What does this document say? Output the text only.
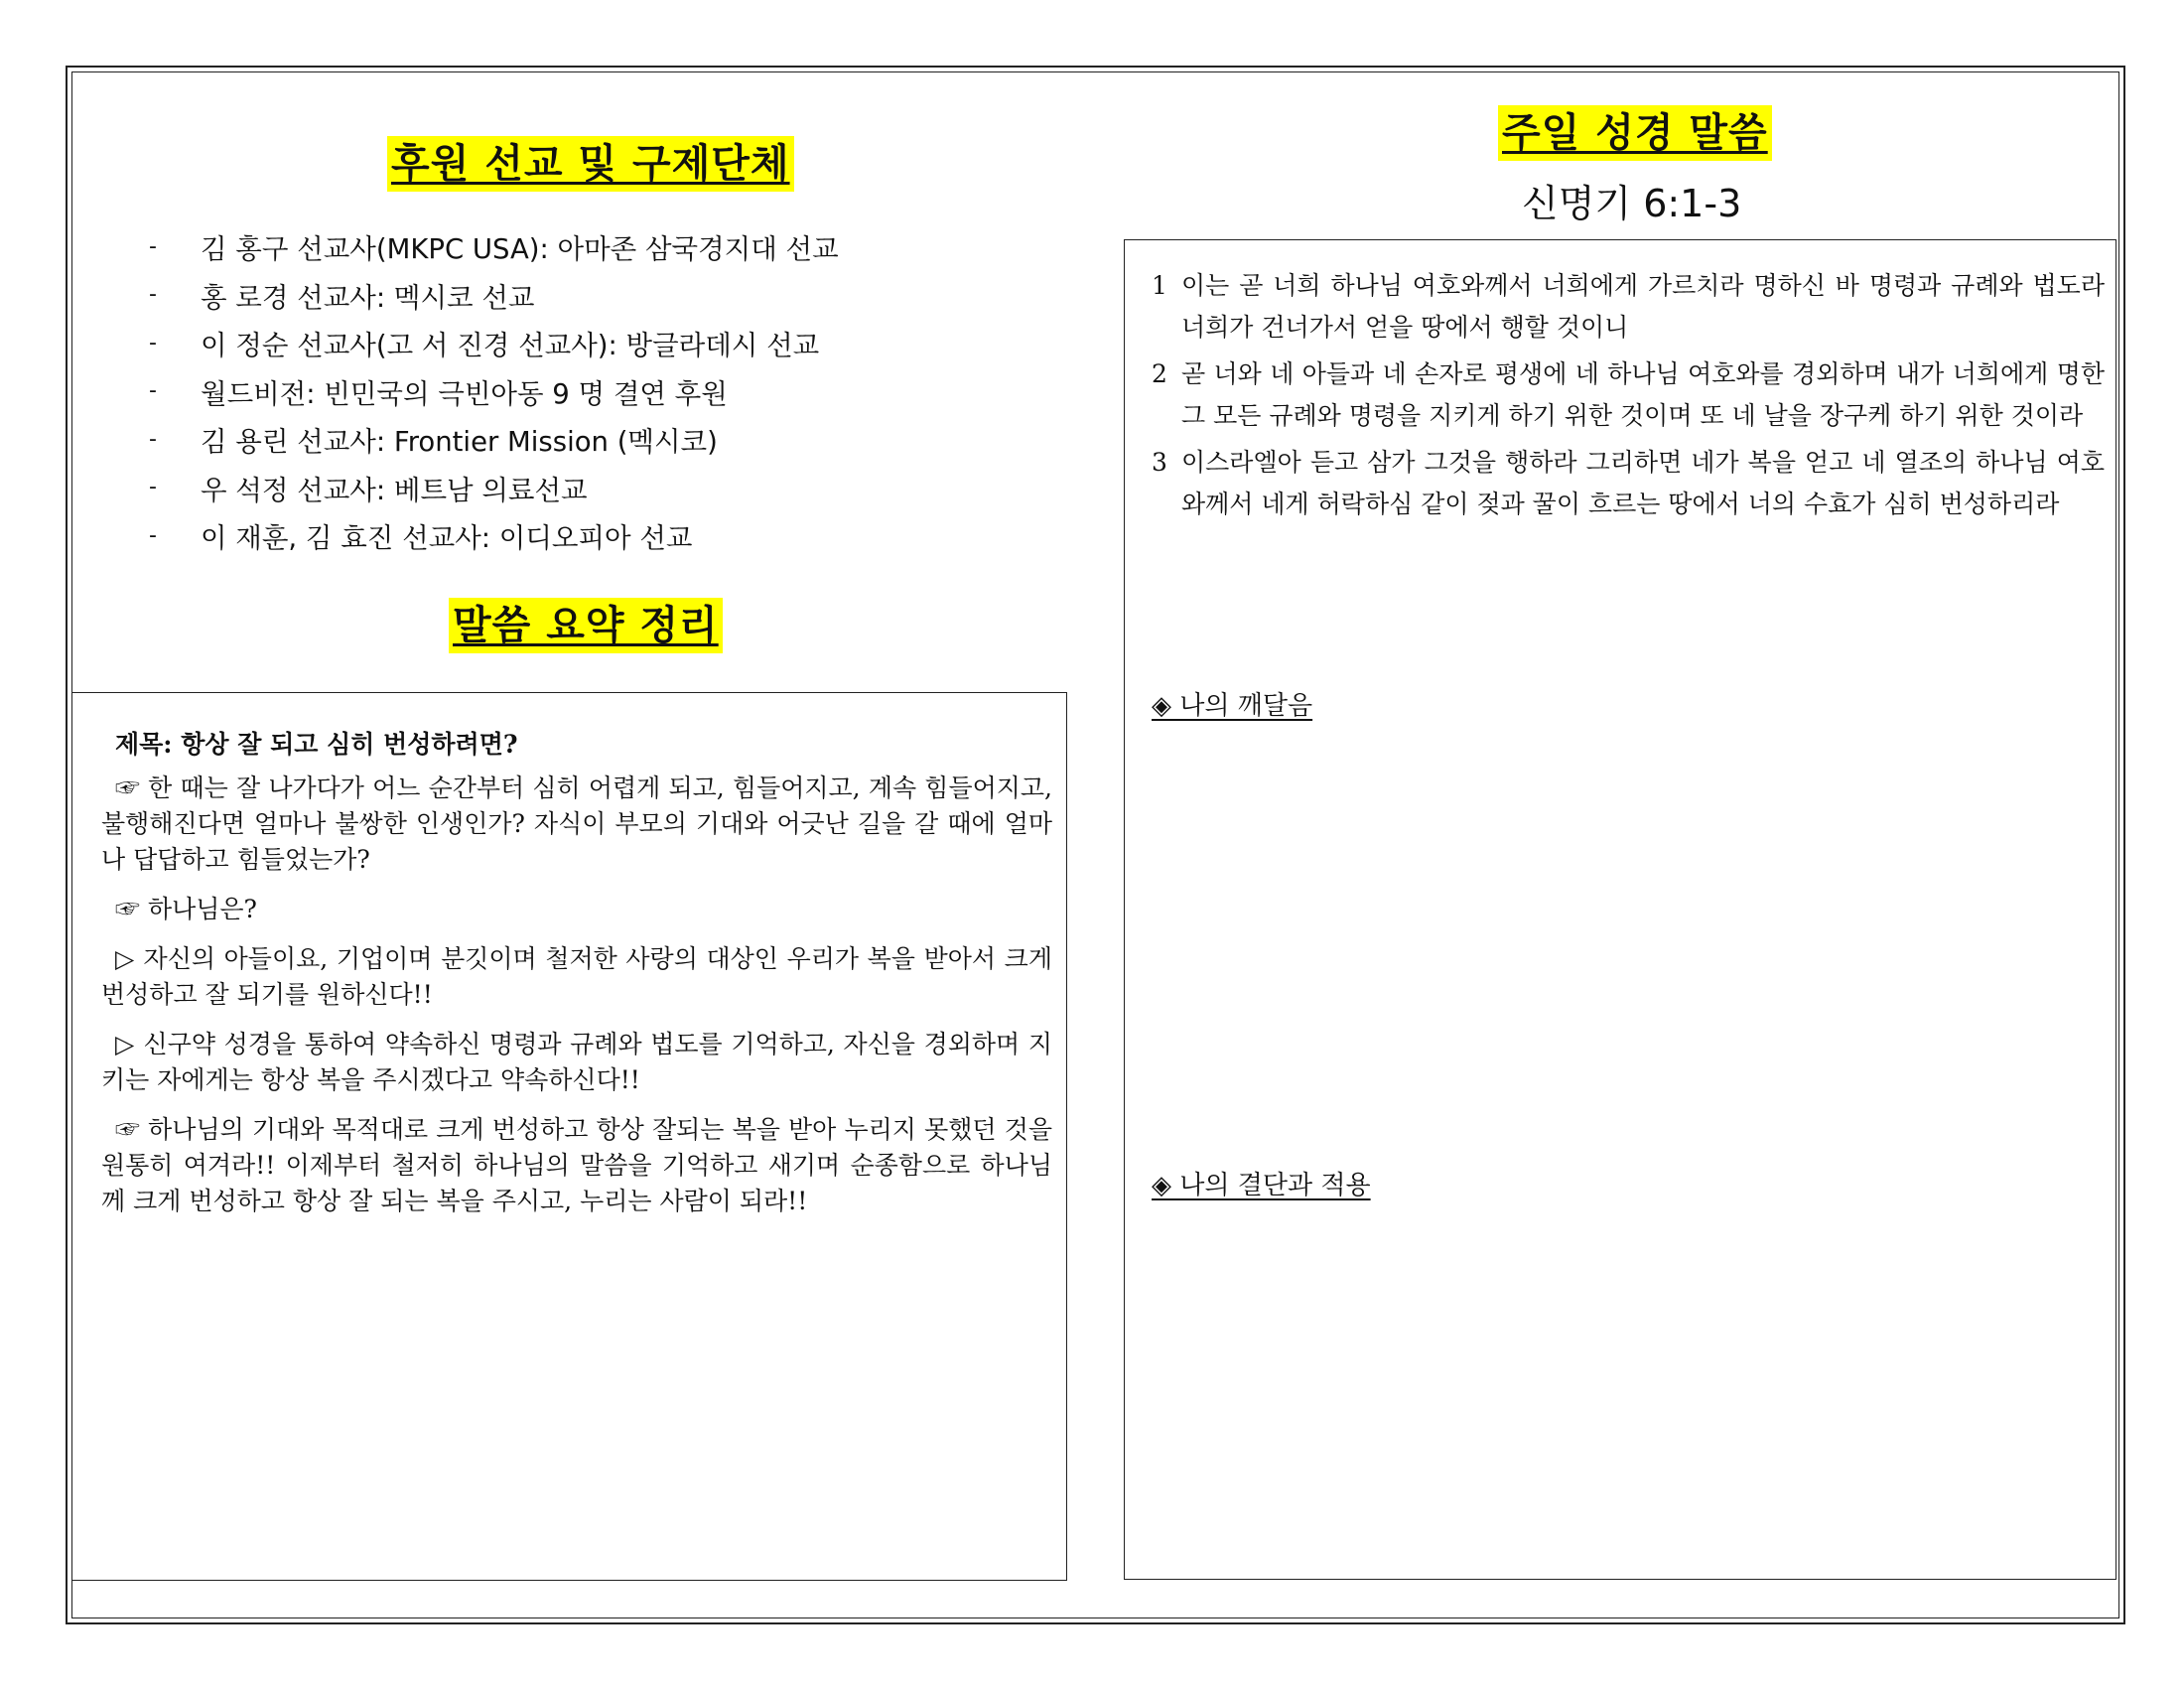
후원 선교 및 구제단체
-	김 홍구 선교사(MKPC USA): 아마존 삼국경지대 선교
-	홍 로경 선교사: 멕시코 선교
-	이 정순 선교사(고 서 진경 선교사): 방글라데시 선교
-	월드비전: 빈민국의 극빈아동 9 명 결연 후원
-	김 용린 선교사: Frontier Mission (멕시코)
-	우 석정 선교사: 베트남 의료선교
-	이 재훈, 김 효진 선교사: 이디오피아 선교
말씀 요약 정리
제목: 항상 잘 되고 심히 번성하려면?

☞ 한 때는 잘 나가다가 어느 순간부터 심히 어렵게 되고, 힘들어지고, 계속 힘들어지고, 불행해진다면 얼마나 불쌍한 인생인가? 자식이 부모의 기대와 어긋난 길을 갈 때에 얼마나 답답하고 힘들었는가?

☞ 하나님은?

▷ 자신의 아들이요, 기업이며 분깃이며 철저한 사랑의 대상인 우리가 복을 받아서 크게 번성하고 잘 되기를 원하신다!!

▷ 신구약 성경을 통하여 약속하신 명령과 규례와 법도를 기억하고, 자신을 경외하며 지키는 자에게는 항상 복을 주시겠다고 약속하신다!!

☞ 하나님의 기대와 목적대로 크게 번성하고 항상 잘되는 복을 받아 누리지 못했던 것을 원통히 여겨라!! 이제부터 철저히 하나님의 말씀을 기억하고 새기며 순종함으로 하나님께 크게 번성하고 항상 잘 되는 복을 주시고, 누리는 사람이 되라!!

주일 성경 말씀
신명기 6:1-3
1 이는 곧 너희 하나님 여호와께서 너희에게 가르치라 명하신 바 명령과 규례와 법도라 너희가 건너가서 얻을 땅에서 행할 것이니
2 곧 너와 네 아들과 네 손자로 평생에 네 하나님 여호와를 경외하며 내가 너희에게 명한 그 모든 규례와 명령을 지키게 하기 위한 것이며 또 네 날을 장구케 하기 위한 것이라
3 이스라엘아 듣고 삼가 그것을 행하라 그리하면 네가 복을 얻고 네 열조의 하나님 여호와께서 네게 허락하심 같이 젖과 꿀이 흐르는 땅에서 너의 수효가 심히 번성하리라
◈ 나의 깨달음
◈ 나의 결단과 적용
